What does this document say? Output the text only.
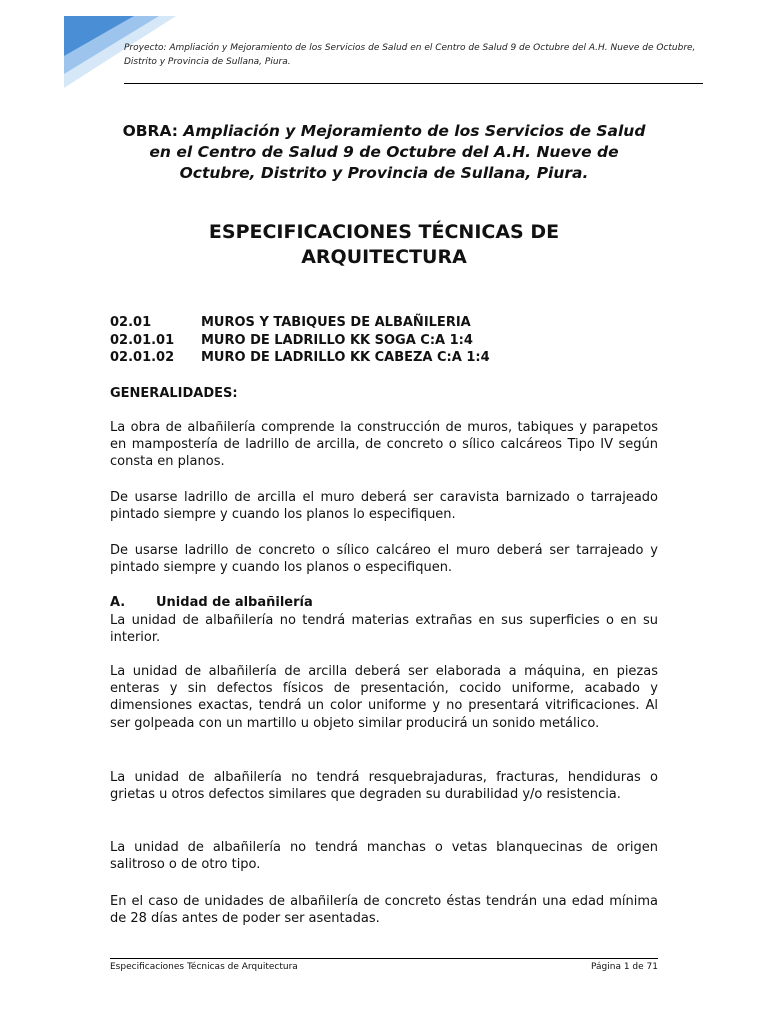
Proyecto: Ampliación y Mejoramiento de los Servicios de Salud en el Centro de Salud 9 de Octubre del A.H. Nueve de Octubre, Distrito y Provincia de Sullana, Piura.
OBRA: Ampliación y Mejoramiento de los Servicios de Salud en el Centro de Salud 9 de Octubre del A.H. Nueve de Octubre, Distrito y Provincia de Sullana, Piura.
ESPECIFICACIONES TÉCNICAS DE
ARQUITECTURA
02.01	MUROS Y TABIQUES DE ALBAÑILERIA
02.01.01	MURO DE LADRILLO KK SOGA C:A 1:4
02.01.02	MURO DE LADRILLO KK CABEZA C:A 1:4
GENERALIDADES:

La obra de albañilería comprende la construcción de muros, tabiques y parapetos en mampostería de ladrillo de arcilla, de concreto o sílico calcáreos Tipo IV según consta en planos.

De usarse ladrillo de arcilla el muro deberá ser caravista barnizado o tarrajeado pintado siempre y cuando los planos lo especifiquen.

De usarse ladrillo de concreto o sílico calcáreo el muro deberá ser tarrajeado y pintado siempre y cuando los planos o especifiquen.

A.	Unidad de albañilería

La unidad de albañilería no tendrá materias extrañas en sus superficies o en su interior.

La unidad de albañilería de arcilla deberá ser elaborada a máquina, en piezas enteras y sin defectos físicos de presentación, cocido uniforme, acabado y dimensiones exactas, tendrá un color uniforme y no presentará vitrificaciones. Al ser golpeada con un martillo u objeto similar producirá un sonido metálico.

La unidad de albañilería no tendrá resquebrajaduras, fracturas, hendiduras o grietas u otros defectos similares que degraden su durabilidad y/o resistencia.

La unidad de albañilería no tendrá manchas o vetas blanquecinas de origen salitroso o de otro tipo.

En el caso de unidades de albañilería de concreto éstas tendrán una edad mínima de 28 días antes de poder ser asentadas.

Especificaciones Técnicas de Arquitectura	Página 1 de 71
